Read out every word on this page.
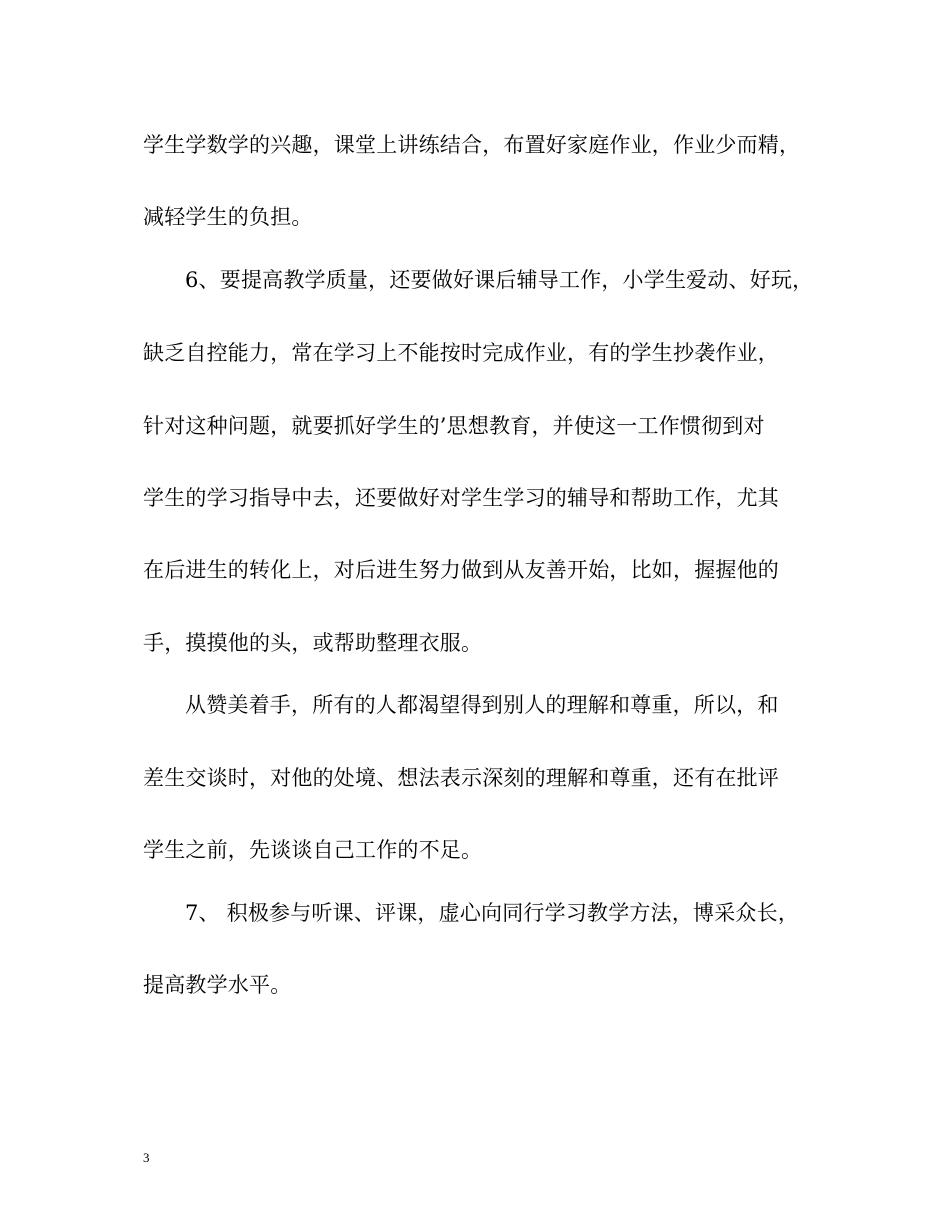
学生学数学的兴趣，课堂上讲练结合，布置好家庭作业，作业少而精，
减轻学生的负担。
6、要提高教学质量，还要做好课后辅导工作，小学生爱动、好玩，
缺乏自控能力，常在学习上不能按时完成作业，有的学生抄袭作业，
针对这种问题，就要抓好学生的’思想教育，并使这一工作惯彻到对
学生的学习指导中去，还要做好对学生学习的辅导和帮助工作，尤其
在后进生的转化上，对后进生努力做到从友善开始，比如，握握他的
手，摸摸他的头，或帮助整理衣服。
从赞美着手，所有的人都渴望得到别人的理解和尊重，所以，和
差生交谈时，对他的处境、想法表示深刻的理解和尊重，还有在批评
学生之前，先谈谈自己工作的不足。
7、 积极参与听课、评课，虚心向同行学习教学方法，博采众长，
提高教学水平。
3
